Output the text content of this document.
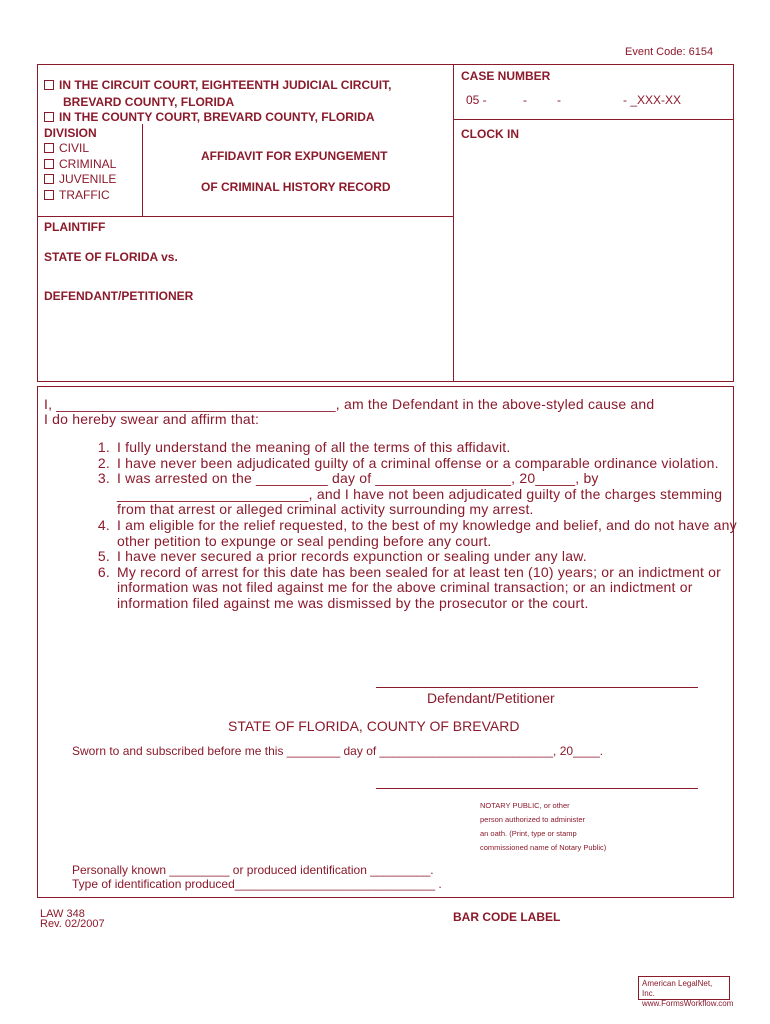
Event Code: 6154
IN THE CIRCUIT COURT, EIGHTEENTH JUDICIAL CIRCUIT,
BREVARD COUNTY, FLORIDA
IN THE COUNTY COURT, BREVARD COUNTY, FLORIDA
DIVISION
CIVIL
CRIMINAL
JUVENILE
TRAFFIC
AFFIDAVIT FOR EXPUNGEMENT
OF CRIMINAL HISTORY RECORD
CASE NUMBER
05 -	-	-	- _XXX-XX
CLOCK IN
PLAINTIFF
STATE OF FLORIDA vs.
DEFENDANT/PETITIONER
I, ___________________________________, am the Defendant in the above-styled cause and
I do hereby swear and affirm that:
1. I fully understand the meaning of all the terms of this affidavit.
2. I have never been adjudicated guilty of a criminal offense or a comparable ordinance violation.
3. I was arrested on the _________ day of _________________, 20_____, by ________________________, and I have not been adjudicated guilty of the charges stemming from that arrest or alleged criminal activity surrounding my arrest.
4. I am eligible for the relief requested, to the best of my knowledge and belief, and do not have any other petition to expunge or seal pending before any court.
5. I have never secured a prior records expunction or sealing under any law.
6. My record of arrest for this date has been sealed for at least ten (10) years; or an indictment or information was not filed against me for the above criminal transaction; or an indictment or information filed against me was dismissed by the prosecutor or the court.
Defendant/Petitioner
STATE OF FLORIDA, COUNTY OF BREVARD
Sworn to and subscribed before me this ________ day of __________________________, 20____.
NOTARY PUBLIC, or other
person authorized to administer
an oath. (Print, type or stamp
commissioned name of Notary Public)
Personally known _________ or produced identification _________.
Type of identification produced______________________________ .
LAW 348
Rev. 02/2007	BAR CODE LABEL
American LegalNet, Inc.
www.FormsWorkflow.com
